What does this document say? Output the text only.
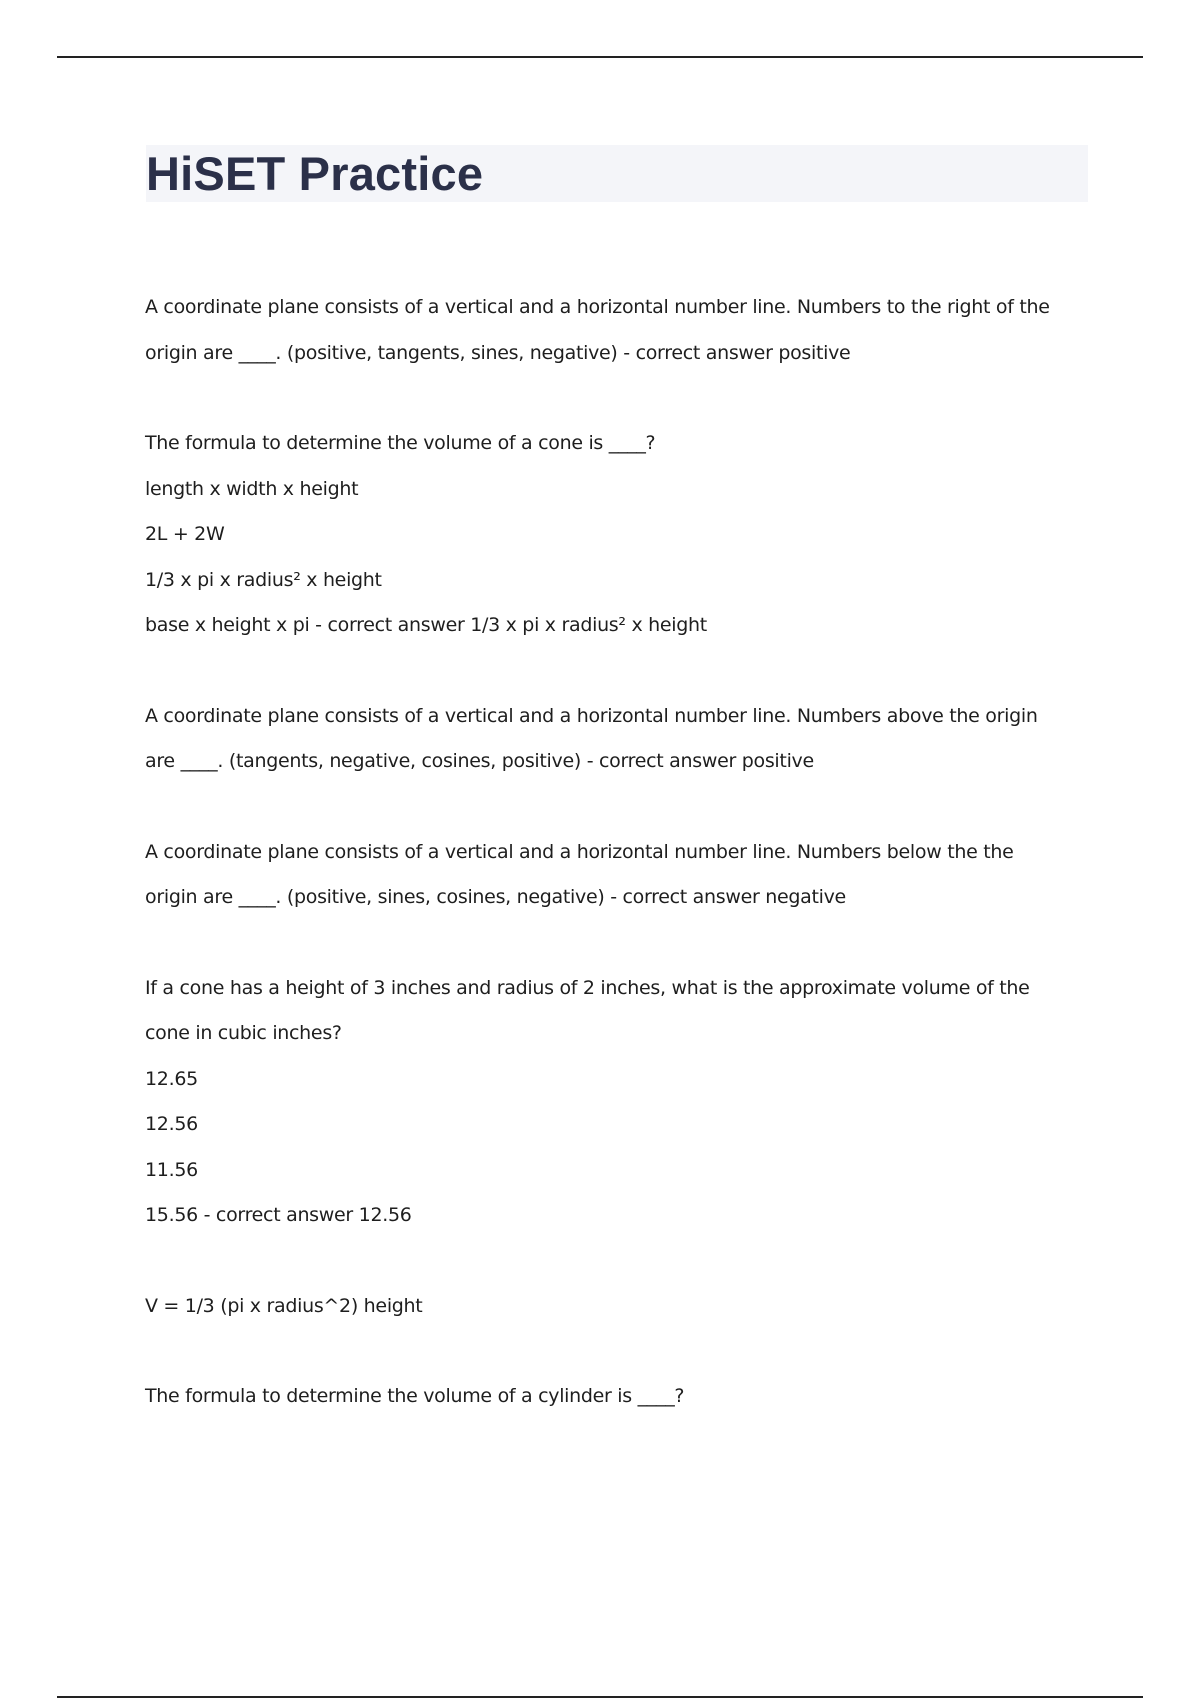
HiSET Practice
A coordinate plane consists of a vertical and a horizontal number line. Numbers to the right of the
origin are ____. (positive, tangents, sines, negative) - correct answer positive
The formula to determine the volume of a cone is ____?
length x width x height
2L + 2W
1/3 x pi x radius² x height
base x height x pi - correct answer 1/3 x pi x radius² x height
A coordinate plane consists of a vertical and a horizontal number line. Numbers above the origin
are ____. (tangents, negative, cosines, positive) - correct answer positive
A coordinate plane consists of a vertical and a horizontal number line. Numbers below the the
origin are ____. (positive, sines, cosines, negative) - correct answer negative
If a cone has a height of 3 inches and radius of 2 inches, what is the approximate volume of the
cone in cubic inches?
12.65
12.56
11.56
15.56 - correct answer 12.56
V = 1/3 (pi x radius^2) height
The formula to determine the volume of a cylinder is ____?
